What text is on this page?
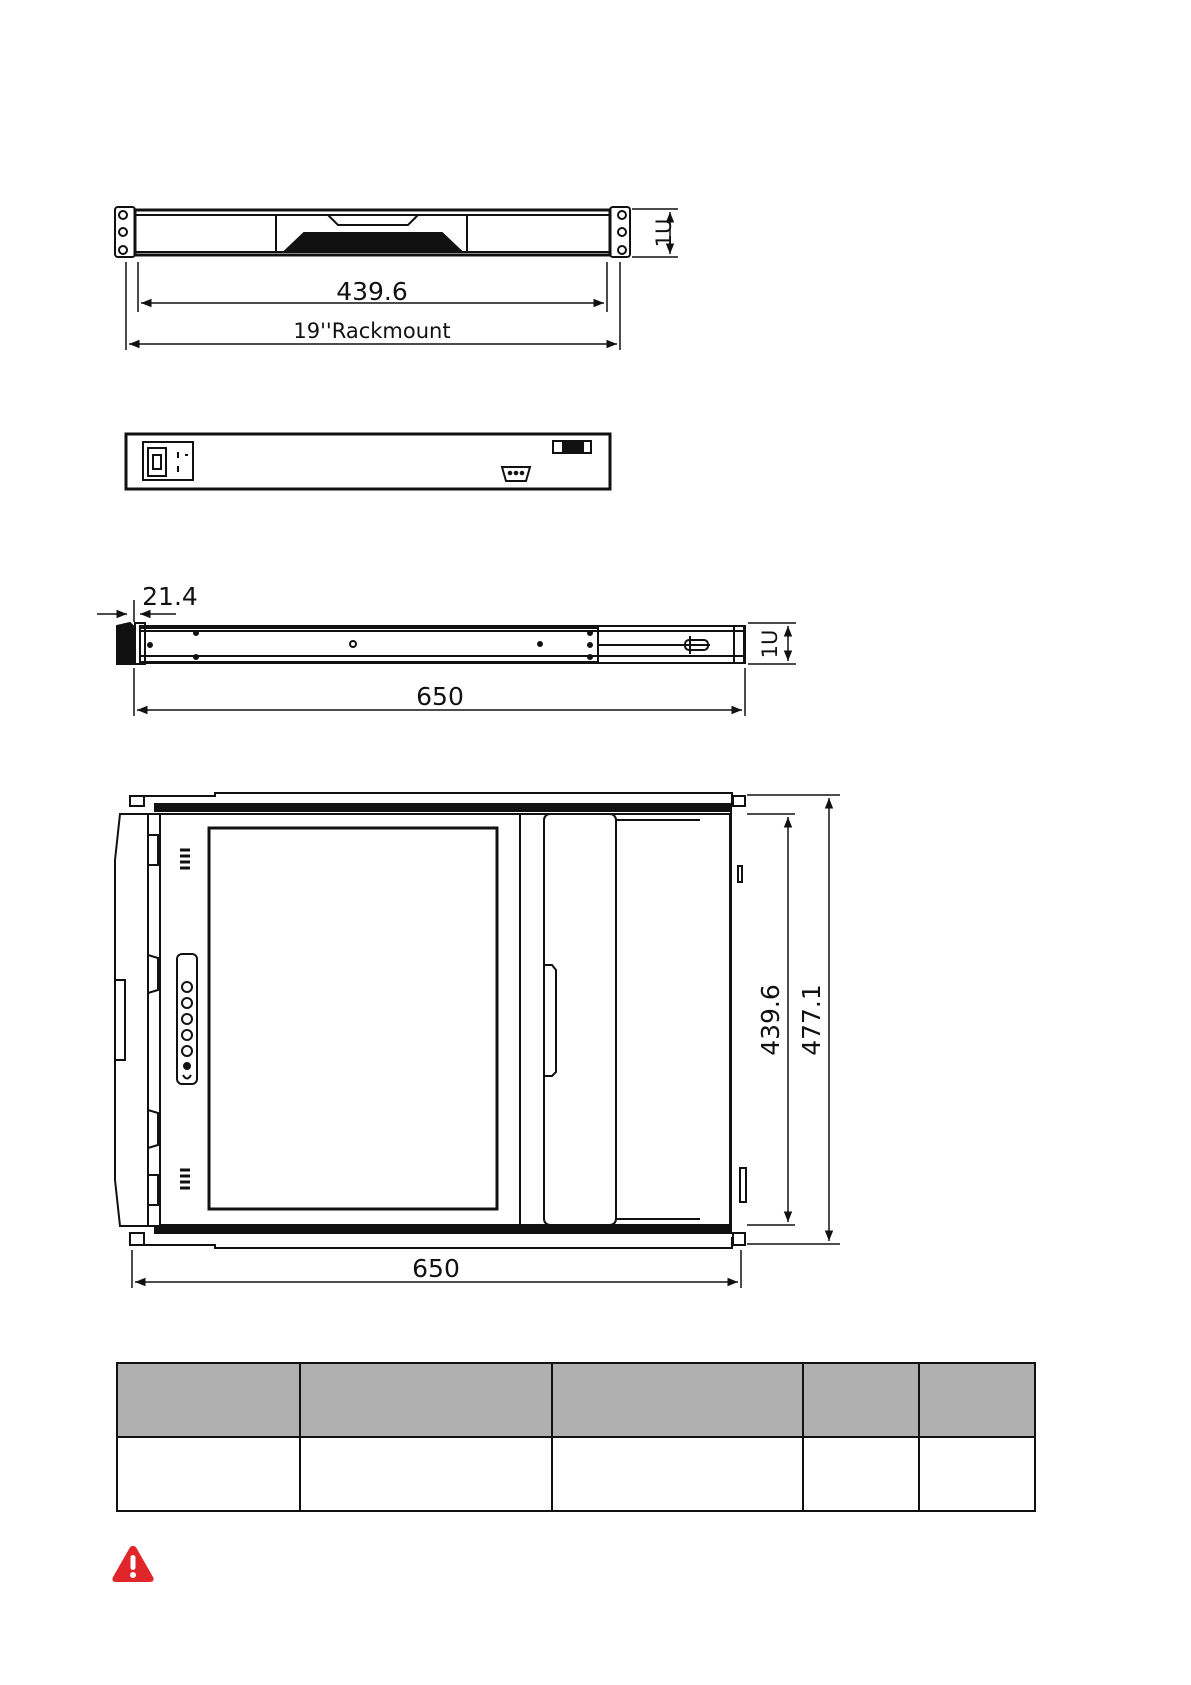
439.6
19''Rackmount
1U
21.4
650
1U
650
439.6 477.1
